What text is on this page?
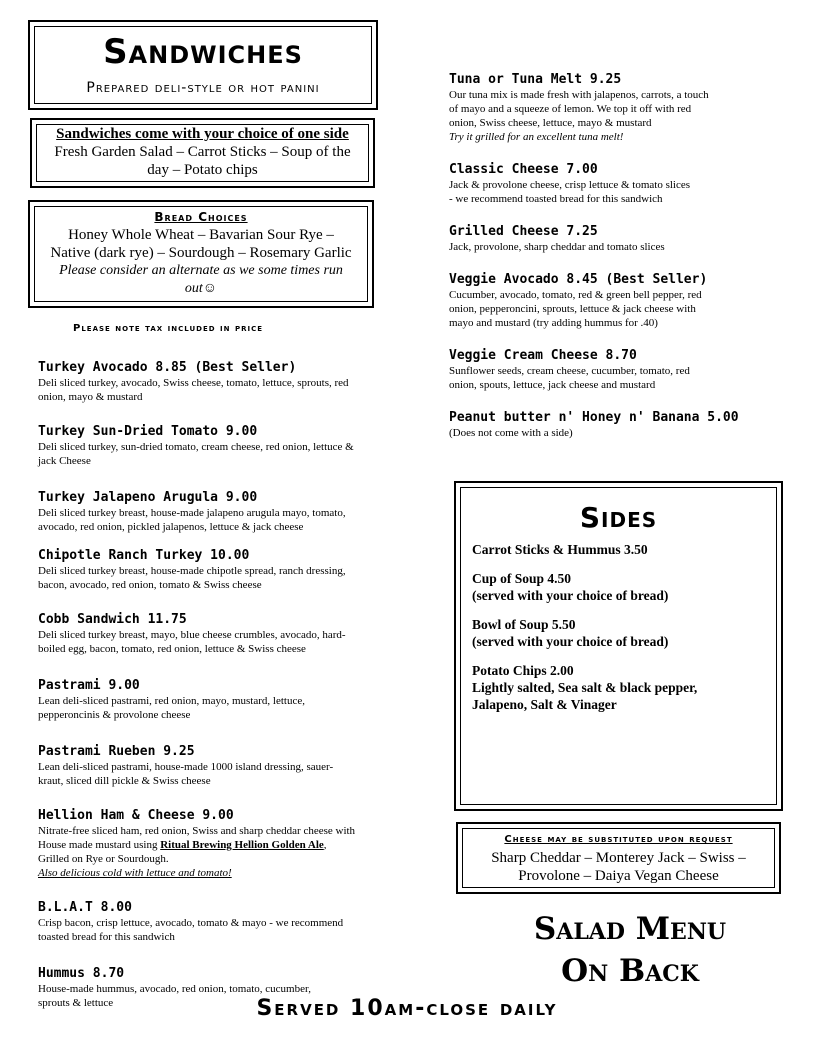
Sandwiches
Prepared deli-style or hot panini
Sandwiches come with your choice of one side
Fresh Garden Salad – Carrot Sticks – Soup of the
day – Potato chips
Bread Choices
Honey Whole Wheat – Bavarian Sour Rye –
Native (dark rye) – Sourdough – Rosemary Garlic
Please consider an alternate as we some times run
out☺
Please note tax included in price
Turkey Avocado 8.85 (Best Seller)
Deli sliced turkey, avocado, Swiss cheese, tomato, lettuce, sprouts, red
onion, mayo & mustard
Turkey Sun-Dried Tomato 9.00
Deli sliced turkey, sun-dried tomato, cream cheese, red onion, lettuce &
jack Cheese
Turkey Jalapeno Arugula 9.00
Deli sliced turkey breast, house-made jalapeno arugula mayo, tomato,
avocado, red onion, pickled jalapenos, lettuce & jack cheese
Chipotle Ranch Turkey 10.00
Deli sliced turkey breast, house-made chipotle spread, ranch dressing,
bacon, avocado, red onion, tomato & Swiss cheese
Cobb Sandwich 11.75
Deli sliced turkey breast, mayo, blue cheese crumbles, avocado, hard-
boiled egg, bacon, tomato, red onion, lettuce & Swiss cheese
Pastrami 9.00
Lean deli-sliced pastrami, red onion, mayo, mustard, lettuce,
pepperoncinis & provolone cheese
Pastrami Rueben 9.25
Lean deli-sliced pastrami, house-made 1000 island dressing, sauer-
kraut, sliced dill pickle & Swiss cheese
Hellion Ham & Cheese 9.00
Nitrate-free sliced ham, red onion, Swiss and sharp cheddar cheese with
House made mustard using Ritual Brewing Hellion Golden Ale,
Grilled on Rye or Sourdough.
Also delicious cold with lettuce and tomato!
B.L.A.T 8.00
Crisp bacon, crisp lettuce, avocado, tomato & mayo - we recommend
toasted bread for this sandwich
Hummus 8.70
House-made hummus, avocado, red onion, tomato, cucumber,
sprouts & lettuce
Tuna or Tuna Melt 9.25
Our tuna mix is made fresh with jalapenos, carrots, a touch
of mayo and a squeeze of lemon. We top it off with red
onion, Swiss cheese, lettuce, mayo & mustard
Try it grilled for an excellent tuna melt!
Classic Cheese 7.00
Jack & provolone cheese, crisp lettuce & tomato slices
- we recommend toasted bread for this sandwich
Grilled Cheese 7.25
Jack, provolone, sharp cheddar and tomato slices
Veggie Avocado 8.45 (Best Seller)
Cucumber, avocado, tomato, red & green bell pepper, red
onion, pepperoncini, sprouts, lettuce & jack cheese with
mayo and mustard (try adding hummus for .40)
Veggie Cream Cheese 8.70
Sunflower seeds, cream cheese, cucumber, tomato, red
onion, spouts, lettuce, jack cheese and mustard
Peanut butter n' Honey n' Banana 5.00
(Does not come with a side)
Sides
Carrot Sticks & Hummus 3.50
Cup of Soup 4.50
(served with your choice of bread)
Bowl of Soup 5.50
(served with your choice of bread)
Potato Chips 2.00
Lightly salted, Sea salt & black pepper,
Jalapeno, Salt & Vinager
Cheese may be substituted upon request
Sharp Cheddar – Monterey Jack – Swiss –
Provolone – Daiya Vegan Cheese
Salad Menu
On Back
Served 10am-close daily
